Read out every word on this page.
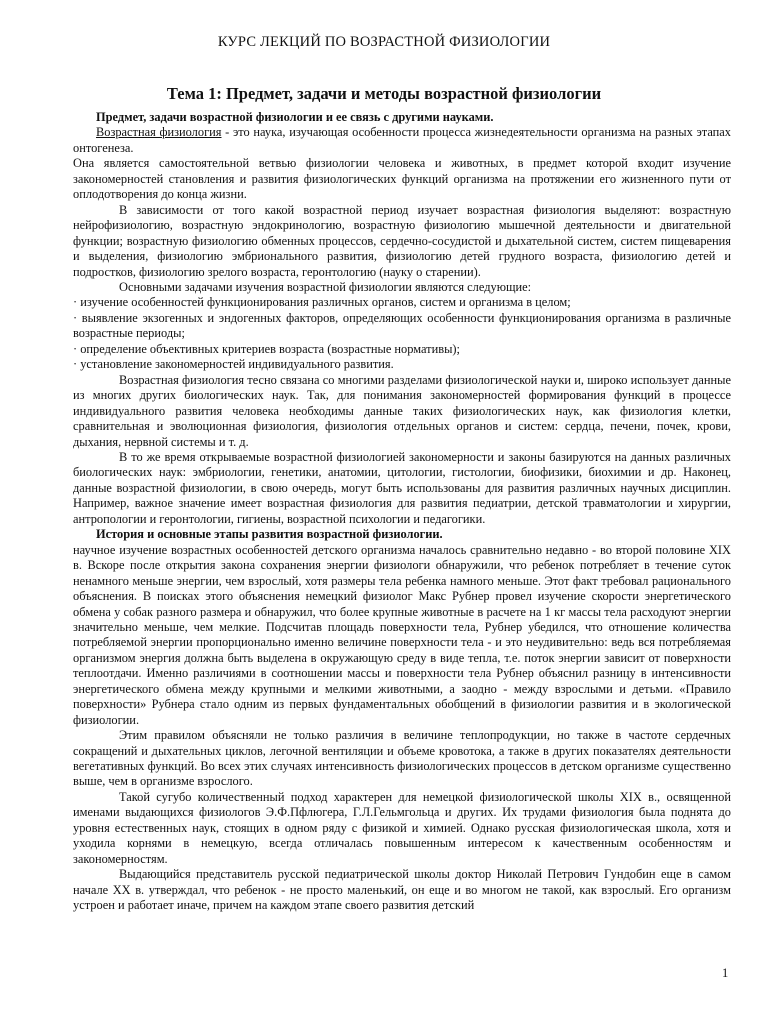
КУРС ЛЕКЦИЙ ПО ВОЗРАСТНОЙ ФИЗИОЛОГИИ
Тема 1: Предмет, задачи и методы возрастной физиологии

Предмет, задачи возрастной физиологии и ее связь с другими науками.

Возрастная физиология - это наука, изучающая особенности процесса жизнедеятельности организма на разных этапах онтогенеза.

Она является самостоятельной ветвью физиологии человека и животных, в предмет которой входит изучение закономерностей становления и развития физиологических функций организма на протяжении его жизненного пути от оплодотворения до конца жизни.

В зависимости от того какой возрастной период изучает возрастная физиология выделяют: возрастную нейрофизиологию, возрастную эндокринологию, возрастную физиологию мышечной деятельности и двигательной функции; возрастную физиологию обменных процессов, сердечно-сосудистой и дыхательной систем, систем пищеварения и выделения, физиологию эмбрионального развития, физиологию детей грудного возраста, физиологию детей и подростков, физиологию зрелого возраста, геронтологию (науку о старении).

Основными задачами изучения возрастной физиологии являются следующие:

· изучение особенностей функционирования различных органов, систем и организма в целом;

· выявление экзогенных и эндогенных факторов, определяющих особенности функционирования организма в различные возрастные периоды;

· определение объективных критериев возраста (возрастные нормативы);

· установление закономерностей индивидуального развития.

Возрастная физиология тесно связана со многими разделами физиологической науки и, широко использует данные из многих других биологических наук. Так, для понимания закономерностей формирования функций в процессе индивидуального развития человека необходимы данные таких физиологических наук, как физиология клетки, сравнительная и эволюционная физиология, физиология отдельных органов и систем: сердца, печени, почек, крови, дыхания, нервной системы и т. д.

В то же время открываемые возрастной физиологией закономерности и законы базируются на данных различных биологических наук: эмбриологии, генетики, анатомии, цитологии, гистологии, биофизики, биохимии и др. Наконец, данные возрастной физиологии, в свою очередь, могут быть использованы для развития различных научных дисциплин. Например, важное значение имеет возрастная физиология для развития педиатрии, детской травматологии и хирургии, антропологии и геронтологии, гигиены, возрастной психологии и педагогики.

История и основные этапы развития возрастной физиологии.

научное изучение возрастных особенностей детского организма началось сравнительно недавно - во второй половине XIX в. Вскоре после открытия закона сохранения энергии физиологи обнаружили, что ребенок потребляет в течение суток ненамного меньше энергии, чем взрослый, хотя размеры тела ребенка намного меньше. Этот факт требовал рационального объяснения. В поисках этого объяснения немецкий физиолог Макс Рубнер провел изучение скорости энергетического обмена у собак разного размера и обнаружил, что более крупные животные в расчете на 1 кг массы тела расходуют энергии значительно меньше, чем мелкие. Подсчитав площадь поверхности тела, Рубнер убедился, что отношение количества потребляемой энергии пропорционально именно величине поверхности тела - и это неудивительно: ведь вся потребляемая организмом энергия должна быть выделена в окружающую среду в виде тепла, т.е. поток энергии зависит от поверхности теплоотдачи. Именно различиями в соотношении массы и поверхности тела Рубнер объяснил разницу в интенсивности энергетического обмена между крупными и мелкими животными, а заодно - между взрослыми и детьми. «Правило поверхности» Рубнера стало одним из первых фундаментальных обобщений в физиологии развития и в экологической физиологии.

Этим правилом объясняли не только различия в величине теплопродукции, но также в частоте сердечных сокращений и дыхательных циклов, легочной вентиляции и объеме кровотока, а также в других показателях деятельности вегетативных функций. Во всех этих случаях интенсивность физиологических процессов в детском организме существенно выше, чем в организме взрослого.

Такой сугубо количественный подход характерен для немецкой физиологической школы XIX в., освященной именами выдающихся физиологов Э.Ф.Пфлюгера, Г.Л.Гельмгольца и других. Их трудами физиология была поднята до уровня естественных наук, стоящих в одном ряду с физикой и химией. Однако русская физиологическая школа, хотя и уходила корнями в немецкую, всегда отличалась повышенным интересом к качественным особенностям и закономерностям.

Выдающийся представитель русской педиатрической школы доктор Николай Петрович Гундобин еще в самом начале XX в. утверждал, что ребенок - не просто маленький, он еще и во многом не такой, как взрослый. Его организм устроен и работает иначе, причем на каждом этапе своего развития детский

1
